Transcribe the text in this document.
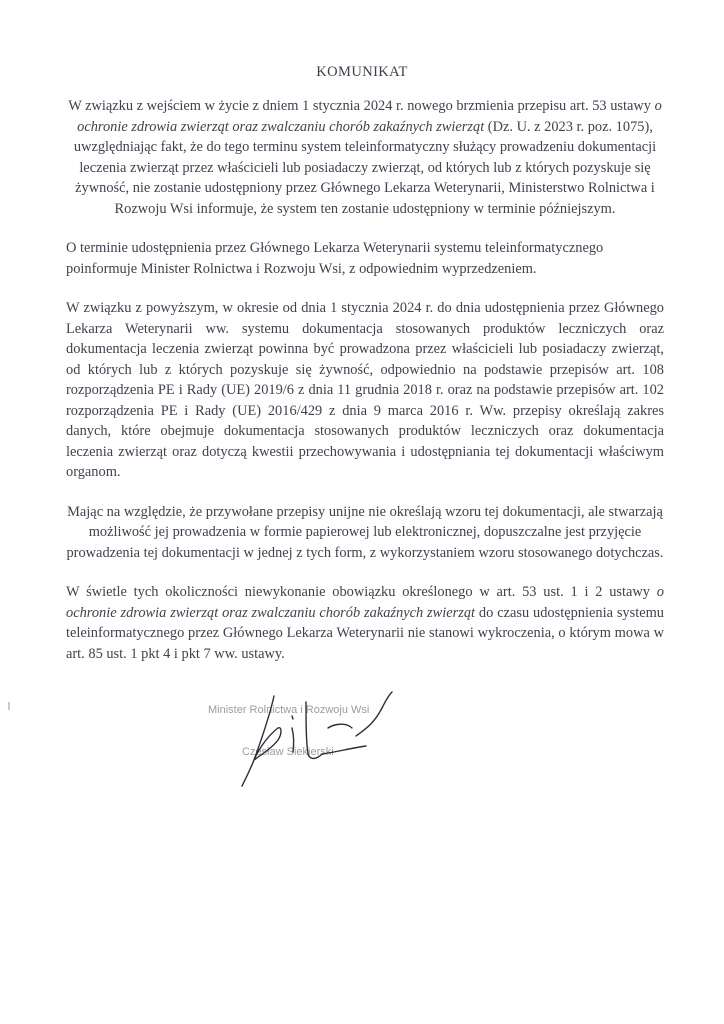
KOMUNIKAT

W związku z wejściem w życie z dniem 1 stycznia 2024 r. nowego brzmienia przepisu art. 53 ustawy o ochronie zdrowia zwierząt oraz zwalczaniu chorób zakaźnych zwierząt (Dz. U. z 2023 r. poz. 1075), uwzględniając fakt, że do tego terminu system teleinformatyczny służący prowadzeniu dokumentacji leczenia zwierząt przez właścicieli lub posiadaczy zwierząt, od których lub z których pozyskuje się żywność, nie zostanie udostępniony przez Głównego Lekarza Weterynarii, Ministerstwo Rolnictwa i Rozwoju Wsi informuje, że system ten zostanie udostępniony w terminie późniejszym.

O terminie udostępnienia przez Głównego Lekarza Weterynarii systemu teleinformatycznego poinformuje Minister Rolnictwa i Rozwoju Wsi, z odpowiednim wyprzedzeniem.

W związku z powyższym, w okresie od dnia 1 stycznia 2024 r. do dnia udostępnienia przez Głównego Lekarza Weterynarii ww. systemu dokumentacja stosowanych produktów leczniczych oraz dokumentacja leczenia zwierząt powinna być prowadzona przez właścicieli lub posiadaczy zwierząt, od których lub z których pozyskuje się żywność, odpowiednio na podstawie przepisów art. 108 rozporządzenia PE i Rady (UE) 2019/6 z dnia 11 grudnia 2018 r. oraz na podstawie przepisów art. 102 rozporządzenia PE i Rady (UE) 2016/429 z dnia 9 marca 2016 r. Ww. przepisy określają zakres danych, które obejmuje dokumentacja stosowanych produktów leczniczych oraz dokumentacja leczenia zwierząt oraz dotyczą kwestii przechowywania i udostępniania tej dokumentacji właściwym organom.

Mając na względzie, że przywołane przepisy unijne nie określają wzoru tej dokumentacji, ale stwarzają możliwość jej prowadzenia w formie papierowej lub elektronicznej, dopuszczalne jest przyjęcie prowadzenia tej dokumentacji w jednej z tych form, z wykorzystaniem wzoru stosowanego dotychczas.

W świetle tych okoliczności niewykonanie obowiązku określonego w art. 53 ust. 1 i 2 ustawy o ochronie zdrowia zwierząt oraz zwalczaniu chorób zakaźnych zwierząt do czasu udostępnienia systemu teleinformatycznego przez Głównego Lekarza Weterynarii nie stanowi wykroczenia, o którym mowa w art. 85 ust. 1 pkt 4 i pkt 7 ww. ustawy.

Minister Rolnictwa i Rozwoju Wsi
Czesław Siekierski
